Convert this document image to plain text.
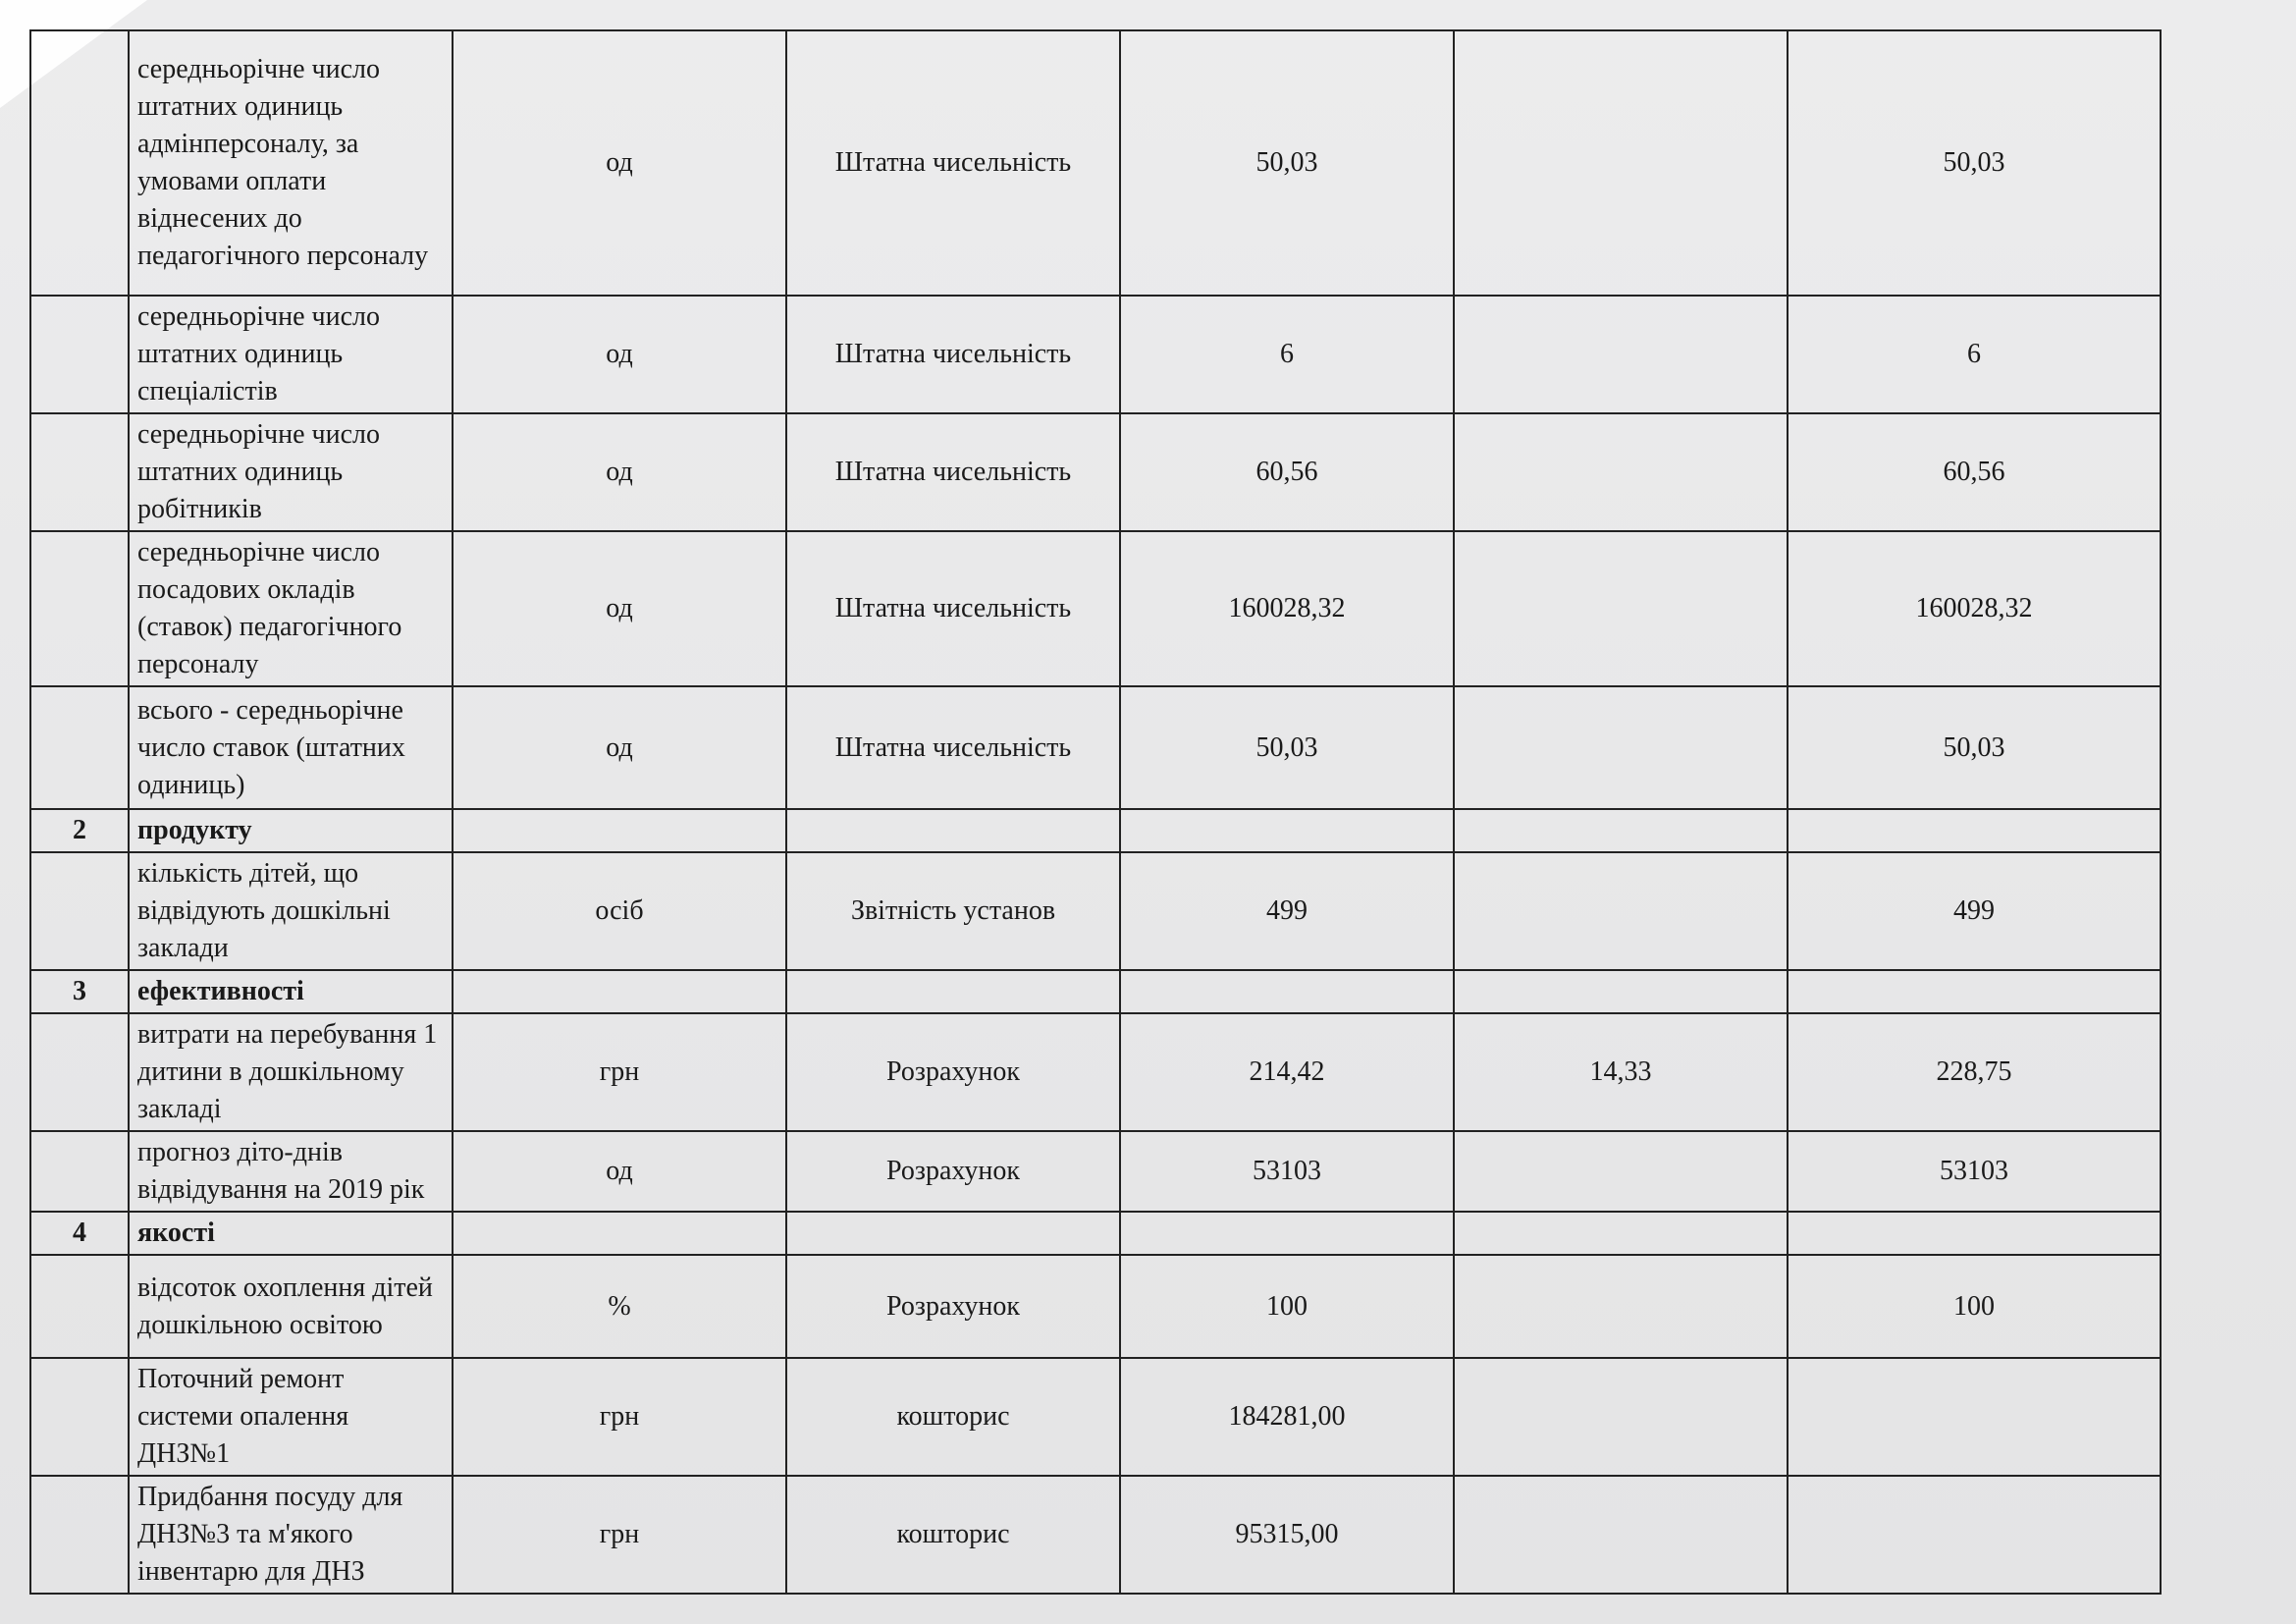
	середньорічне число штатних одиниць адмінперсоналу, за умовами оплати віднесених до педагогічного персоналу	од	Штатна чисельність	50,03		50,03
	середньорічне число штатних одиниць спеціалістів	од	Штатна чисельність	6		6
	середньорічне число штатних одиниць робітників	од	Штатна чисельність	60,56		60,56
	середньорічне число посадових окладів (ставок) педагогічного персоналу	од	Штатна чисельність	160028,32		160028,32
	всього - середньорічне число ставок (штатних одиниць)	од	Штатна чисельність	50,03		50,03
2	продукту					
	кількість дітей, що відвідують дошкільні заклади	осіб	Звітність установ	499		499
3	ефективності					
	витрати на перебування 1 дитини в дошкільному закладі	грн	Розрахунок	214,42	14,33	228,75
	прогноз діто-днів відвідування на 2019 рік	од	Розрахунок	53103		53103
4	якості					
	відсоток охоплення дітей дошкільною освітою	%	Розрахунок	100		100
	Поточний ремонт системи опалення ДНЗ№1	грн	кошторис	184281,00		
	Придбання посуду для ДНЗ№3 та м'якого інвентарю для ДНЗ	грн	кошторис	95315,00		
